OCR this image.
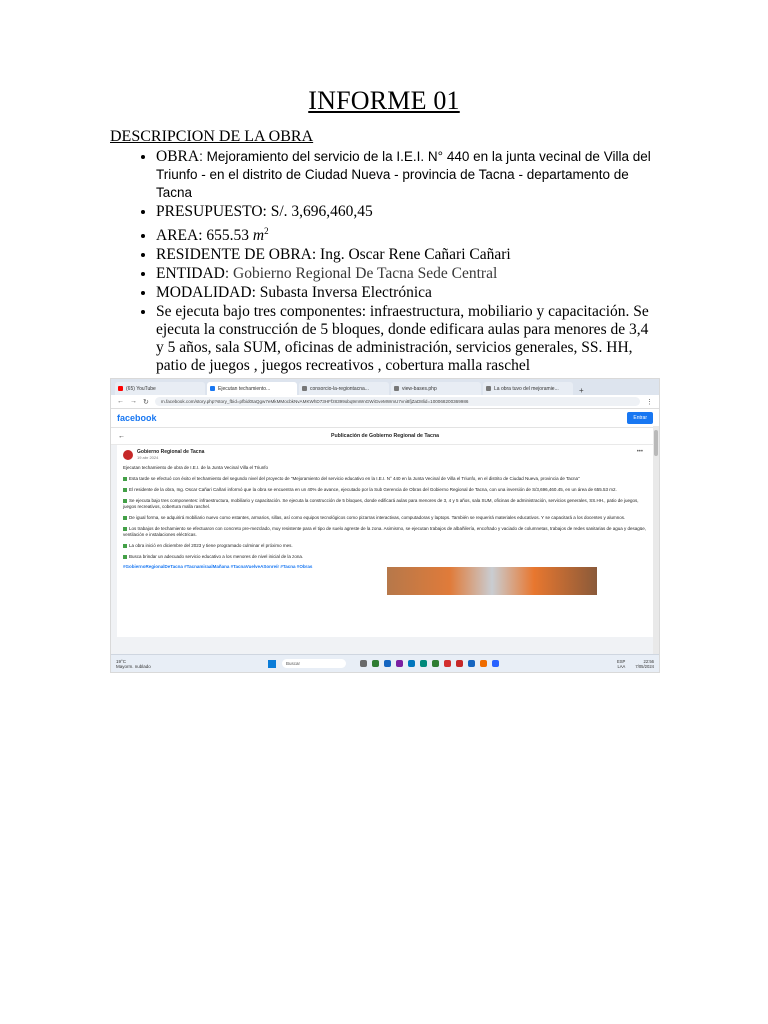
INFORME 01
DESCRIPCION DE LA OBRA
• OBRA: Mejoramiento del servicio de la I.E.I. N° 440 en la junta vecinal de Villa del Triunfo - en el distrito de Ciudad Nueva - provincia de Tacna - departamento de Tacna
• PRESUPUESTO: S/. 3,696,460,45
• AREA: 655.53 $m^2$
• RESIDENTE DE OBRA: Ing. Oscar Rene Cañari Cañari
• ENTIDAD: Gobierno Regional De Tacna Sede Central
• MODALIDAD: Subasta Inversa Electrónica
• Se ejecuta bajo tres componentes: infraestructura, mobiliario y capacitación. Se ejecuta la construcción de 5 bloques, donde edificara aulas para menores de 3,4 y 5 años, sala SUM, oficinas de administración, servicios generales, SS. HH, patio de juegos , juegos recreativos , cobertura malla raschel
(65) YouTube	Ejecutan techamiento...	consorcio-la-regiontacna...	view-bases.php	La obra tuvo del mejoramie...	+
← → ↻	m.facebook.com/story.php?story_fbid=pfbid0taQgw7eMkMMocbkNvAMKWhD73HFfz8399obq9mWnGWiGveMWmU7vni8fjZaD8lid=100068200369986	⋮
facebook	Entrar
←	Publicación de Gobierno Regional de Tacna
Gobierno Regional de Tacna
19 abr 2024
•••
Ejecutan techamiento de obra de I.E.I. de la Junta Vecinal Villa el Triunfo
Esta tarde se efectuó con éxito el techamiento del segundo nivel del proyecto de "Mejoramiento del servicio educativo en la I.E.I. N° 440 en la Junta Vecinal de Villa el Triunfo, en el distrito de Ciudad Nueva, provincia de Tacna"
El residente de la obra, Ing. Oscar Cañari Cañari informó que la obra se encuentra en un 40% de avance, ejecutado por la Sub Gerencia de Obras del Gobierno Regional de Tacna, con una inversión de S/3,696,460.45, en un área de 655.53 m2.
Se ejecuta bajo tres componentes: infraestructura, mobiliario y capacitación. Se ejecuta la construcción de 5 bloques, donde edificará aulas para menores de 3, 4 y 5 años, sala SUM, oficinas de administración, servicios generales, SS.HH., patio de juegos, juegos recreativos, cobertura malla raschel.
De igual forma, se adquirirá mobiliario nuevo como estantes, armarios, sillas, así como equipos tecnológicos como pizarras interactivas, computadoras y laptops. También se requerirá materiales educativos. Y se capacitará a los docentes y alumnos.
Los trabajos de techamiento se efectuaron con concreto pre-mezclado, muy resistente para el tipo de suelo agreste de la zona. Asimismo, se ejecutan trabajos de albañilería, encofrado y vaciado de columnetas, trabajos de redes sanitarias de agua y desagüe, ventilación e instalaciones eléctricas.
La obra inició en diciembre del 2023 y tiene programado culminar el próximo mes.
Busca brindar un adecuado servicio educativo a los menores de nivel inicial de la zona.
#GobiernoRegionalDeTacna #TacnamiraalMañana #TacnaVuelveASonreír #Tacna #Obras
19°C
Mayorm. nublado	Buscar	ESP
LAA
22:56
7/05/2024
